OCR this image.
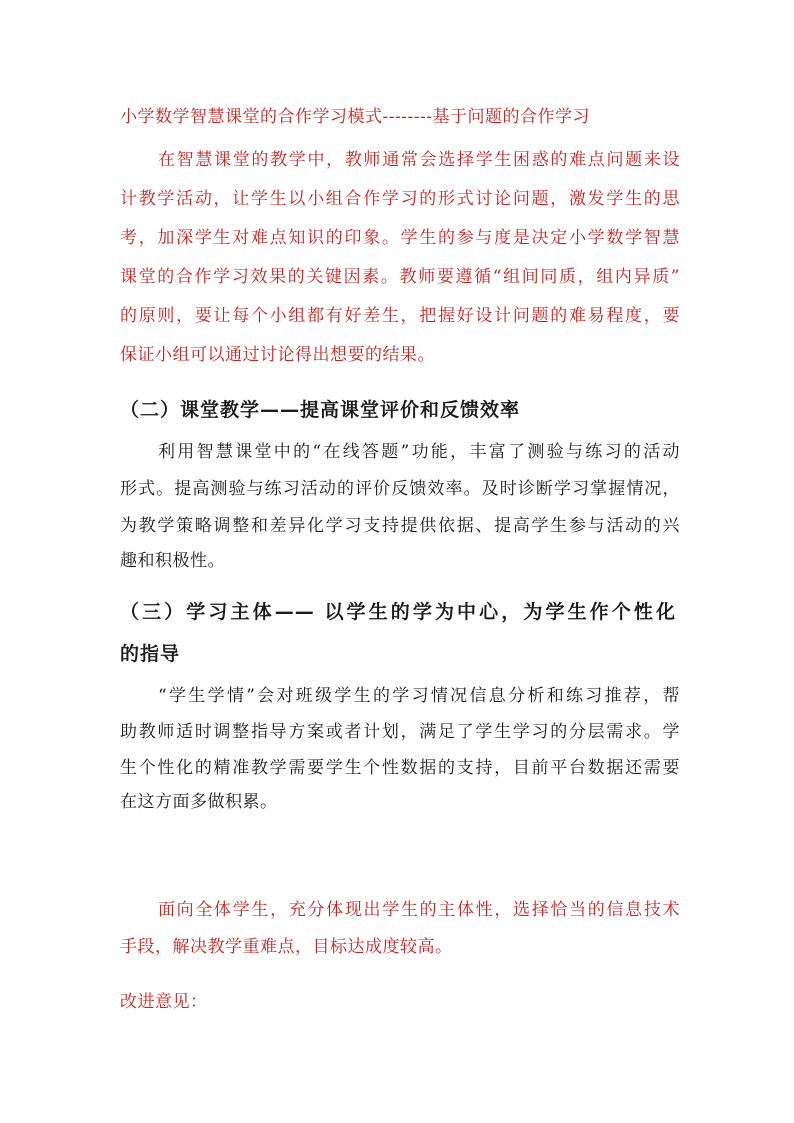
小学数学智慧课堂的合作学习模式--------基于问题的合作学习
在智慧课堂的教学中，教师通常会选择学生困惑的难点问题来设
计教学活动，让学生以小组合作学习的形式讨论问题，激发学生的思
考，加深学生对难点知识的印象。学生的参与度是决定小学数学智慧
课堂的合作学习效果的关键因素。教师要遵循“组间同质，组内异质”
的原则，要让每个小组都有好差生，把握好设计问题的难易程度，要
保证小组可以通过讨论得出想要的结果。
（二）课堂教学——提高课堂评价和反馈效率
利用智慧课堂中的“在线答题”功能，丰富了测验与练习的活动
形式。提高测验与练习活动的评价反馈效率。及时诊断学习掌握情况，
为教学策略调整和差异化学习支持提供依据、提高学生参与活动的兴
趣和积极性。
（三）学习主体—— 以学生的学为中心，为学生作个性化
的指导
“学生学情”会对班级学生的学习情况信息分析和练习推荐，帮
助教师适时调整指导方案或者计划，满足了学生学习的分层需求。学
生个性化的精准教学需要学生个性数据的支持，目前平台数据还需要
在这方面多做积累。
面向全体学生，充分体现出学生的主体性，选择恰当的信息技术
手段，解决教学重难点，目标达成度较高。
改进意见：
